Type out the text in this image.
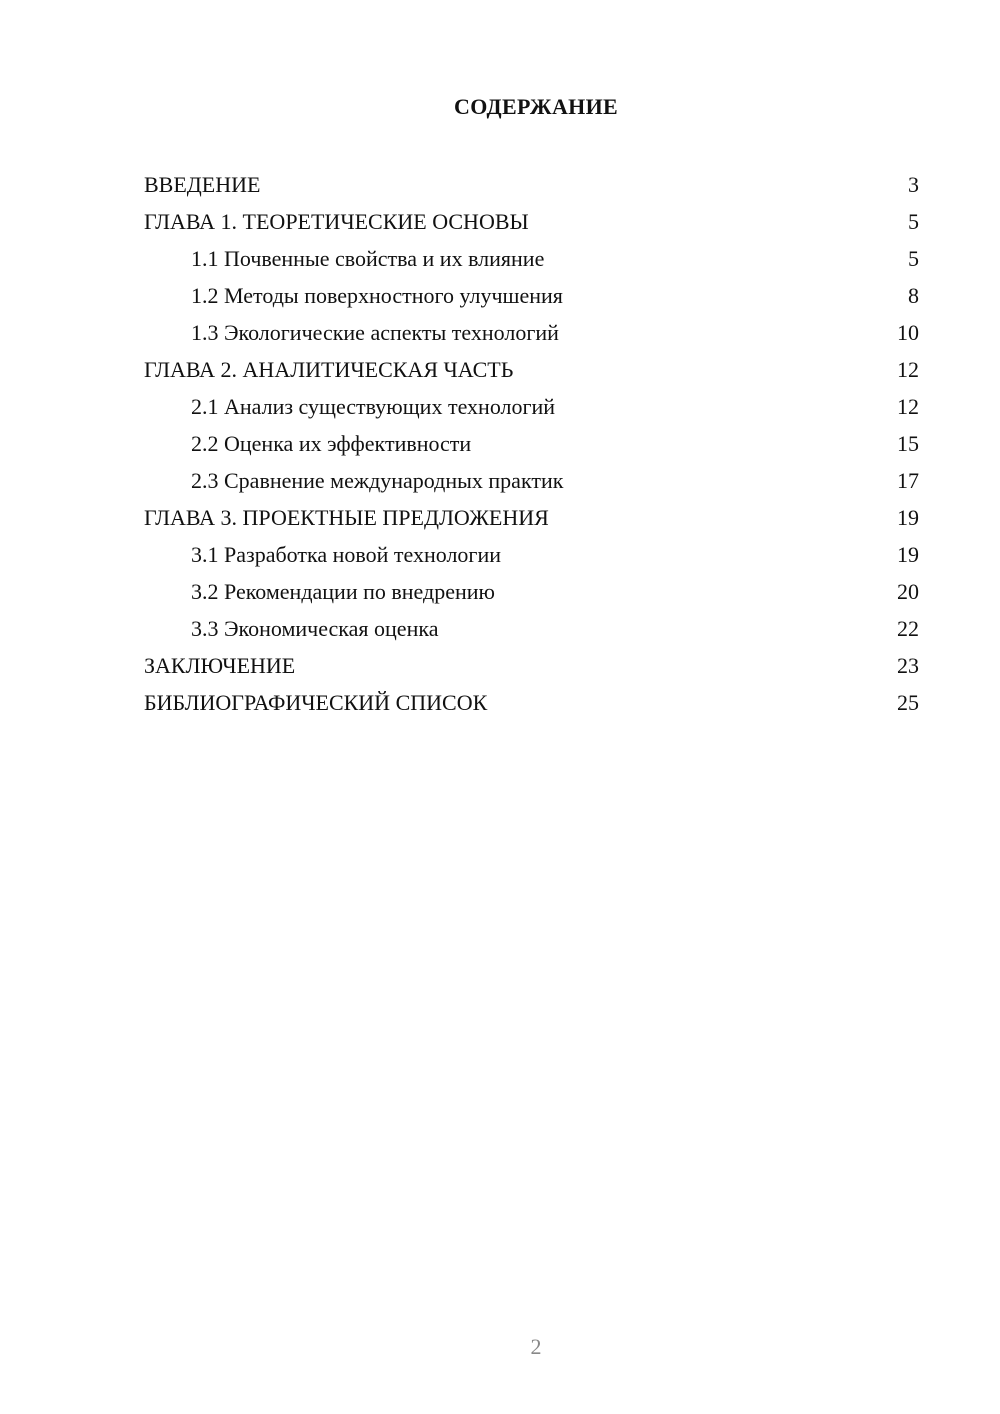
СОДЕРЖАНИЕ
ВВЕДЕНИЕ	3
ГЛАВА 1. ТЕОРЕТИЧЕСКИЕ ОСНОВЫ	5
1.1 Почвенные свойства и их влияние	5
1.2 Методы поверхностного улучшения	8
1.3 Экологические аспекты технологий	10
ГЛАВА 2. АНАЛИТИЧЕСКАЯ ЧАСТЬ	12
2.1 Анализ существующих технологий	12
2.2 Оценка их эффективности	15
2.3 Сравнение международных практик	17
ГЛАВА 3. ПРОЕКТНЫЕ ПРЕДЛОЖЕНИЯ	19
3.1 Разработка новой технологии	19
3.2 Рекомендации по внедрению	20
3.3 Экономическая оценка	22
ЗАКЛЮЧЕНИЕ	23
БИБЛИОГРАФИЧЕСКИЙ СПИСОК	25
2
